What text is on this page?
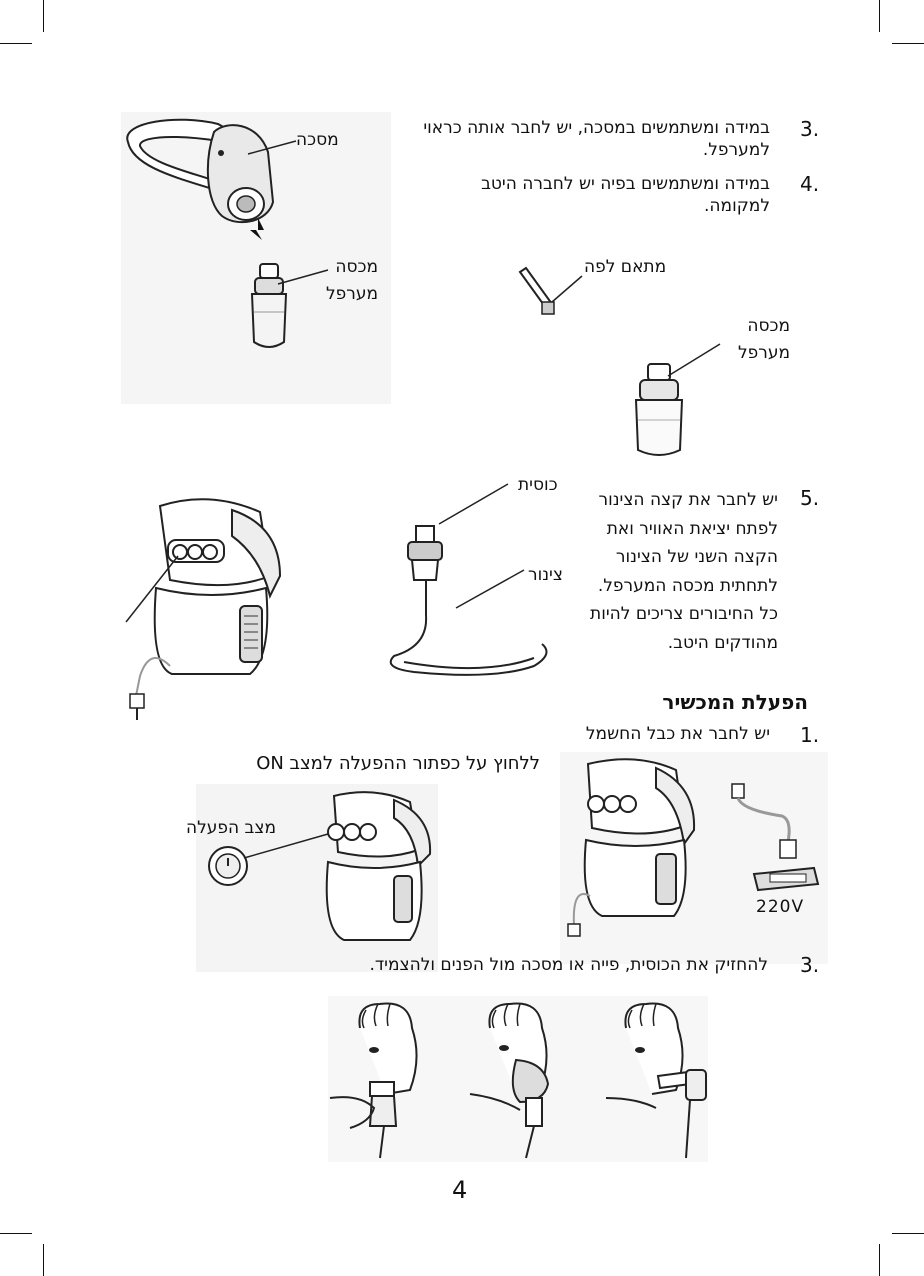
3.
במידה ומשתמשים במסכה, יש לחבר אותה כראוי למערפל.
4.
במידה ומשתמשים בפיה יש לחברה היטב למקומה.
מסכה
מכסה
מערפל
מתאם לפה
מכסה
מערפל
כוסית
צינור
5.
יש לחבר את קצה הצינור
לפתח יציאת האוויר ואת
הקצה השני של הצינור
לתחתית מכסה המערפל.
כל החיבורים צריכים להיות
מהודקים היטב.
הפעלת המכשיר
1.
יש לחבר את כבל החשמל
ללחוץ על כפתור ההפעלה למצב ON
מצב הפעלה
220V
3.
להחזיק את הכוסית, פייה או מסכה מול הפנים ולהצמיד.
4
